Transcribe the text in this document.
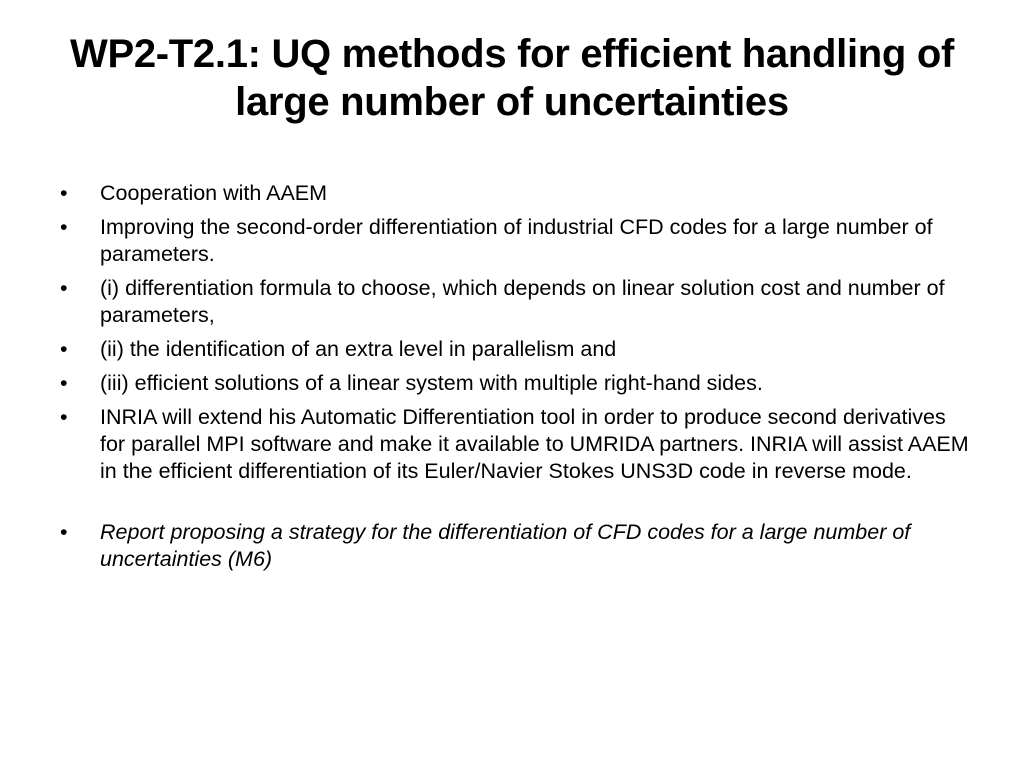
WP2-T2.1: UQ methods for efficient handling of large number of uncertainties
•	Cooperation with AAEM
•	Improving the second-order differentiation of industrial CFD codes for a large number of parameters.
•	(i) differentiation formula to choose, which depends on linear solution cost and number of parameters,
•	(ii) the identification of an extra level in parallelism and
•	(iii) efficient solutions of a linear system with multiple right-hand sides.
•	INRIA will extend his Automatic Differentiation tool in order to produce second derivatives for parallel MPI software and make it available to UMRIDA partners. INRIA will assist AAEM in the efficient differentiation of its Euler/Navier Stokes UNS3D code in reverse mode.
•	Report proposing a strategy for the differentiation of CFD codes for a large number of uncertainties (M6)
